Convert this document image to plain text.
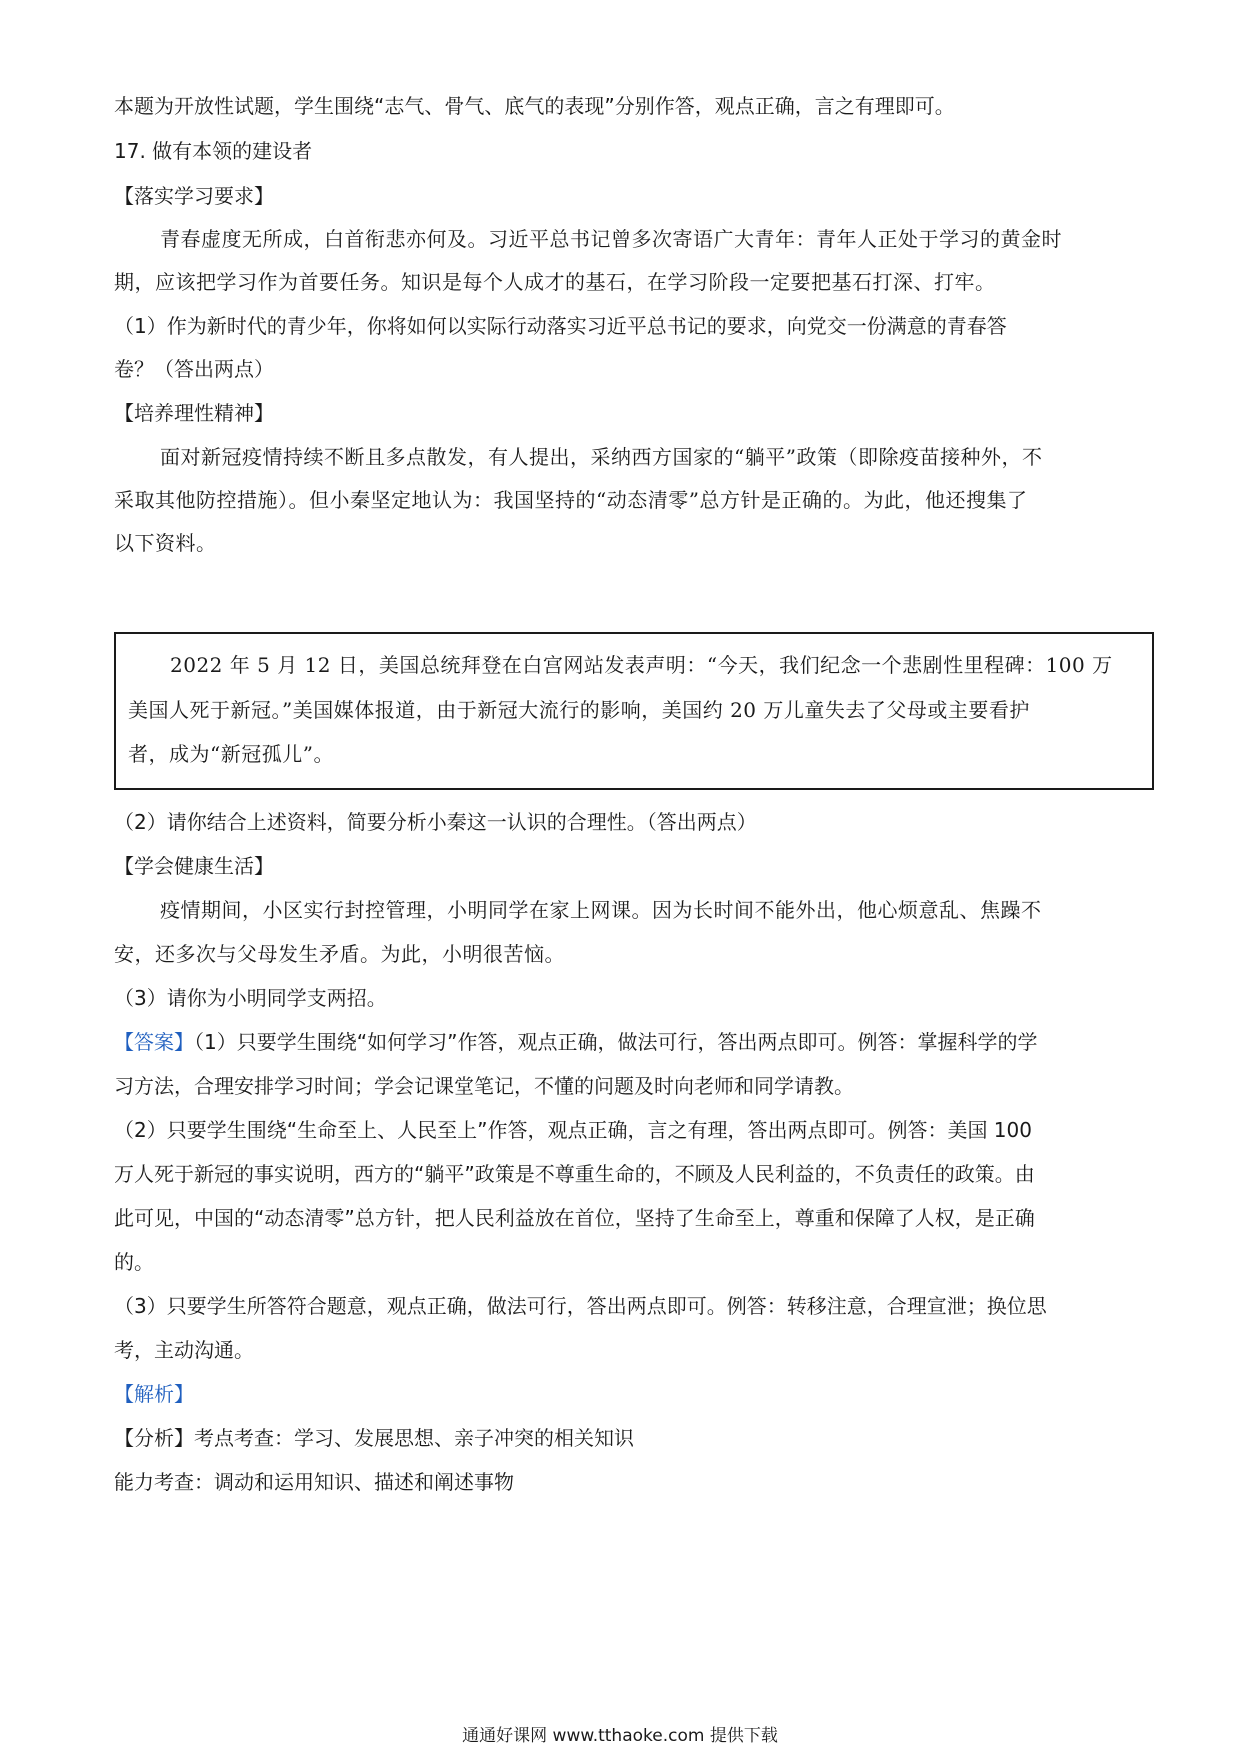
本题为开放性试题，学生围绕“志气、骨气、底气的表现”分别作答，观点正确，言之有理即可。
17. 做有本领的建设者
【落实学习要求】
青春虚度无所成，白首衔悲亦何及。习近平总书记曾多次寄语广大青年：青年人正处于学习的黄金时
期，应该把学习作为首要任务。知识是每个人成才的基石，在学习阶段一定要把基石打深、打牢。
（1）作为新时代的青少年，你将如何以实际行动落实习近平总书记的要求，向党交一份满意的青春答
卷？（答出两点）
【培养理性精神】
面对新冠疫情持续不断且多点散发，有人提出，采纳西方国家的“躺平”政策（即除疫苗接种外，不
采取其他防控措施）。但小秦坚定地认为：我国坚持的“动态清零”总方针是正确的。为此，他还搜集了
以下资料。
2022 年 5 月 12 日，美国总统拜登在白宫网站发表声明：“今天，我们纪念一个悲剧性里程碑：100 万
美国人死于新冠。”美国媒体报道，由于新冠大流行的影响，美国约 20 万儿童失去了父母或主要看护
者，成为“新冠孤儿”。
（2）请你结合上述资料，简要分析小秦这一认识的合理性。（答出两点）
【学会健康生活】
疫情期间，小区实行封控管理，小明同学在家上网课。因为长时间不能外出，他心烦意乱、焦躁不
安，还多次与父母发生矛盾。为此，小明很苦恼。
（3）请你为小明同学支两招。
【答案】（1）只要学生围绕“如何学习”作答，观点正确，做法可行，答出两点即可。例答：掌握科学的学
习方法，合理安排学习时间；学会记课堂笔记，不懂的问题及时向老师和同学请教。
（2）只要学生围绕“生命至上、人民至上”作答，观点正确，言之有理，答出两点即可。例答：美国 100
万人死于新冠的事实说明，西方的“躺平”政策是不尊重生命的，不顾及人民利益的，不负责任的政策。由
此可见，中国的“动态清零”总方针，把人民利益放在首位，坚持了生命至上，尊重和保障了人权，是正确
的。
（3）只要学生所答符合题意，观点正确，做法可行，答出两点即可。例答：转移注意，合理宣泄；换位思
考，主动沟通。
【解析】
【分析】考点考查：学习、发展思想、亲子冲突的相关知识
能力考查：调动和运用知识、描述和阐述事物
通通好课网 www.tthaoke.com 提供下载
